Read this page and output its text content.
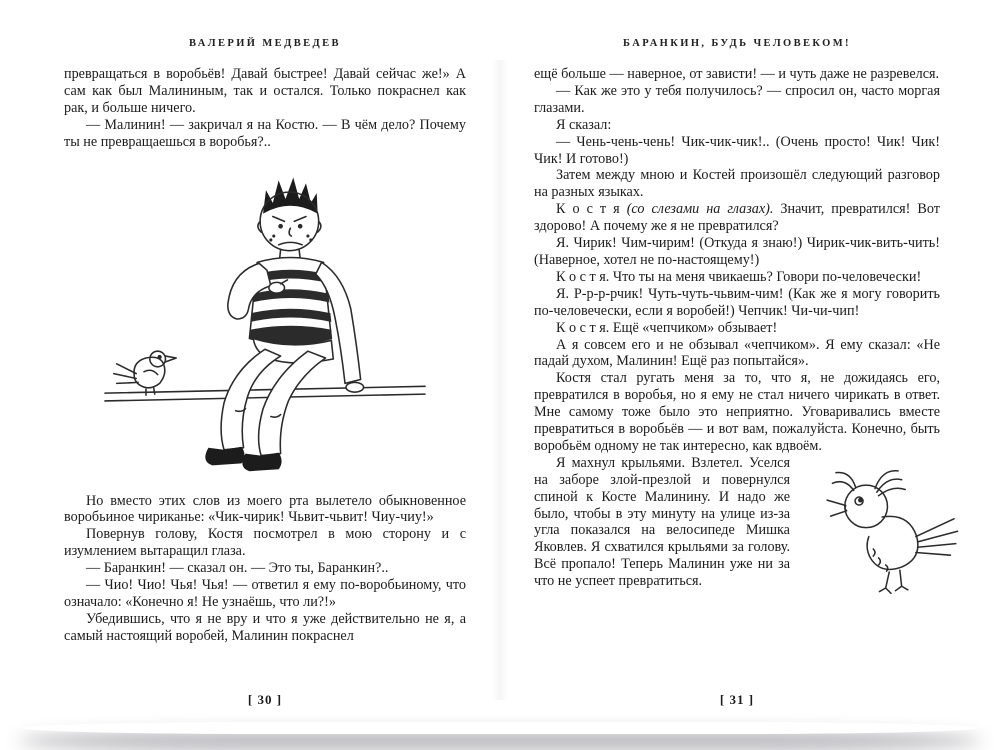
ВАЛЕРИЙ МЕДВЕДЕВ

превращаться в воробьёв! Давай быстрее! Давай сейчас же!» А сам как был Малининым, так и остался. Только покраснел как рак, и больше ничего.

— Малинин! — закричал я на Костю. — В чём дело? Почему ты не превращаешься в воробья?..

Но вместо этих слов из моего рта вылетело обыкновенное воробьиное чириканье: «Чик-чирик! Чьвит-чьвит! Чиу-чиу!»

Повернув голову, Костя посмотрел в мою сторону и с изумлением вытаращил глаза.

— Баранкин! — сказал он. — Это ты, Баранкин?..

— Чио! Чио! Чья! Чья! — ответил я ему по-воробьиному, что означало: «Конечно я! Не узнаёшь, что ли?!»

Убедившись, что я не вру и что я уже действительно не я, а самый настоящий воробей, Малинин покраснел

[ 30 ]
БАРАНКИН, БУДЬ ЧЕЛОВЕКОМ!

ещё больше — наверное, от зависти! — и чуть даже не разревелся.

— Как же это у тебя получилось? — спросил он, часто моргая глазами.

Я сказал:

— Чень-чень-чень! Чик-чик-чик!.. (Очень просто! Чик! Чик! Чик! И готово!)

Затем между мною и Костей произошёл следующий разговор на разных языках.

К о с т я (со слезами на глазах). Значит, превратился! Вот здорово! А почему же я не превратился?

Я. Чирик! Чим-чирим! (Откуда я знаю!) Чирик-чик-вить-чить! (Наверное, хотел не по-настоящему!)

К о с т я. Что ты на меня чвикаешь? Говори по-человечески!

Я. Р-р-р-рчик! Чуть-чуть-чьвим-чим! (Как же я могу говорить по-человечески, если я воробей!) Чепчик! Чи-чи-чип!

К о с т я. Ещё «чепчиком» обзывает!

А я совсем его и не обзывал «чепчиком». Я ему сказал: «Не падай духом, Малинин! Ещё раз попытайся».

Костя стал ругать меня за то, что я, не дожидаясь его, превратился в воробья, но я ему не стал ничего чирикать в ответ. Мне самому тоже было это неприятно. Уговаривались вместе превратиться в воробьёв — и вот вам, пожалуйста. Конечно, быть воробьём одному не так интересно, как вдвоём.

Я махнул крыльями. Взлетел. Уселся на заборе злой-презлой и повернулся спиной к Косте Малинину. И надо же было, чтобы в эту минуту на улице из-за угла показался на велосипеде Мишка Яковлев. Я схватился крыльями за голову. Всё пропало! Теперь Малинин уже ни за что не успеет превратиться.

[ 31 ]
